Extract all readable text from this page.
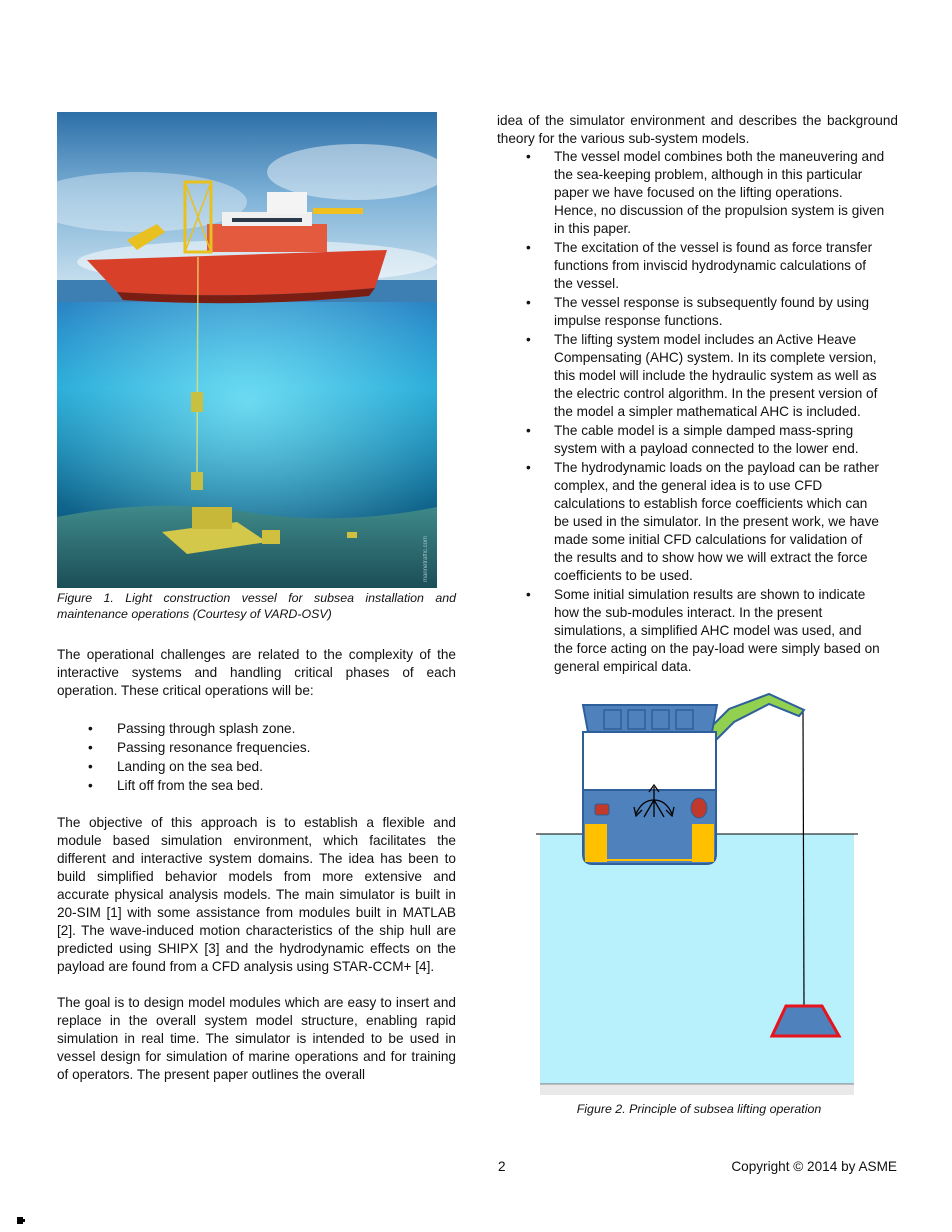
marinetraffic.com
Figure 1. Light construction vessel for subsea installation and maintenance operations (Courtesy of VARD-OSV)

The operational challenges are related to the complexity of the interactive systems and handling critical phases of each operation. These critical operations will be:

• Passing through splash zone.
• Passing resonance frequencies.
• Landing on the sea bed.
• Lift off from the sea bed.

The objective of this approach is to establish a flexible and module based simulation environment, which facilitates the different and interactive system domains. The idea has been to build simplified behavior models from more extensive and accurate physical analysis models. The main simulator is built in 20-SIM [1] with some assistance from modules built in MATLAB [2]. The wave-induced motion characteristics of the ship hull are predicted using SHIPX [3] and the hydrodynamic effects on the payload are found from a CFD analysis using STAR-CCM+ [4].

The goal is to design model modules which are easy to insert and replace in the overall system model structure, enabling rapid simulation in real time. The simulator is intended to be used in vessel design for simulation of marine operations and for training of operators. The present paper outlines the overall

idea of the simulator environment and describes the background theory for the various sub-system models.

• The vessel model combines both the maneuvering and
the sea-keeping problem, although in this particular
paper we have focused on the lifting operations.
Hence, no discussion of the propulsion system is given
in this paper.
• The excitation of the vessel is found as force transfer
functions from inviscid hydrodynamic calculations of
the vessel.
• The vessel response is subsequently found by using
impulse response functions.
• The lifting system model includes an Active Heave
Compensating (AHC) system. In its complete version,
this model will include the hydraulic system as well as
the electric control algorithm. In the present version of
the model a simpler mathematical AHC is included.
• The cable model is a simple damped mass-spring
system with a payload connected to the lower end.
• The hydrodynamic loads on the payload can be rather
complex, and the general idea is to use CFD
calculations to establish force coefficients which can
be used in the simulator. In the present work, we have
made some initial CFD calculations for validation of
the results and to show how we will extract the force
coefficients to be used.
• Some initial simulation results are shown to indicate
how the sub-modules interact. In the present
simulations, a simplified AHC model was used, and
the force acting on the pay-load were simply based on
general empirical data.
Figure 2. Principle of subsea lifting operation
2	Copyright © 2014 by ASME
